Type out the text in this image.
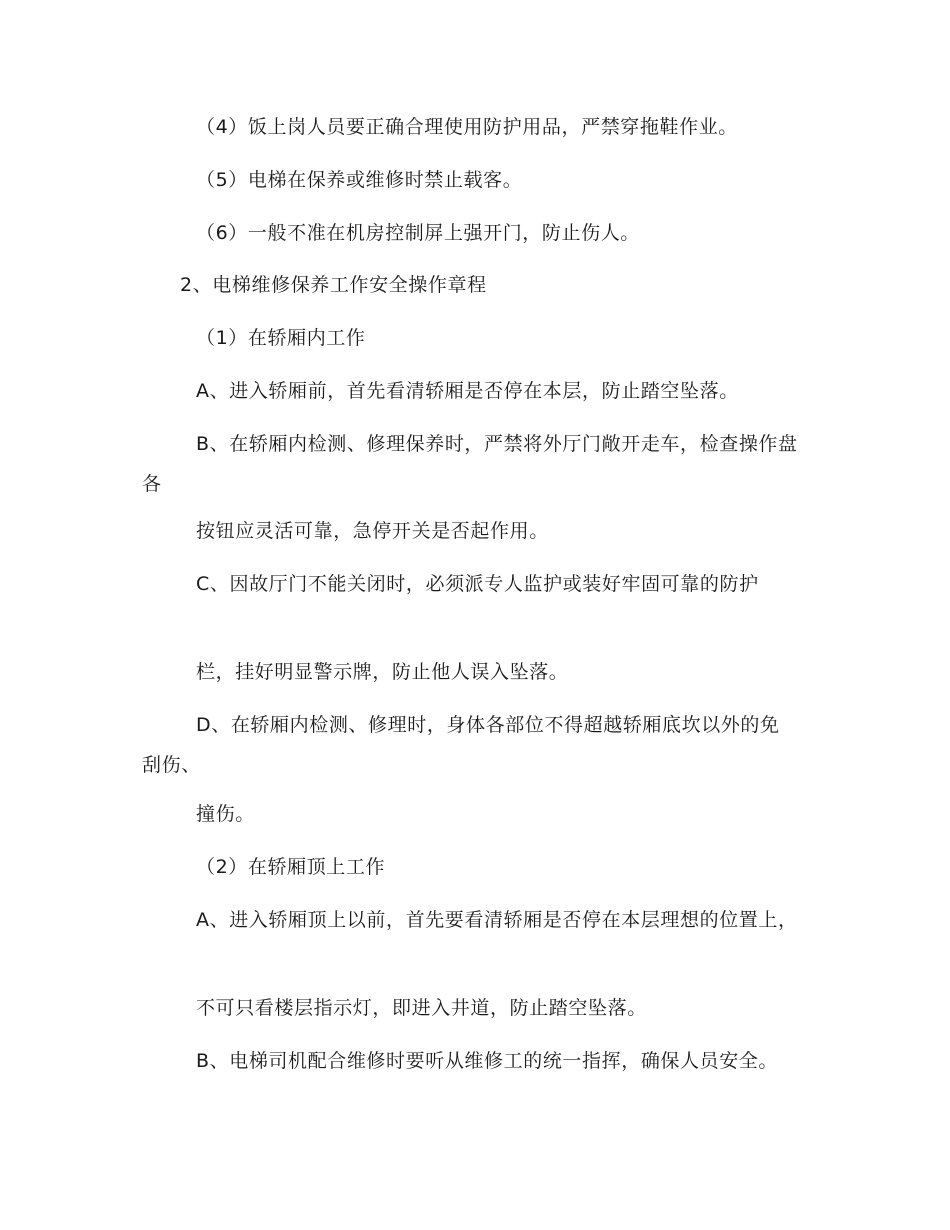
（4）饭上岗人员要正确合理使用防护用品，严禁穿拖鞋作业。
（5）电梯在保养或维修时禁止载客。
（6）一般不准在机房控制屏上强开门，防止伤人。
2、电梯维修保养工作安全操作章程
（1）在轿厢内工作
A、进入轿厢前，首先看清轿厢是否停在本层，防止踏空坠落。
B、在轿厢内检测、修理保养时，严禁将外厅门敞开走车，检查操作盘各
按钮应灵活可靠，急停开关是否起作用。
C、因故厅门不能关闭时，必须派专人监护或装好牢固可靠的防护
栏，挂好明显警示牌，防止他人误入坠落。
D、在轿厢内检测、修理时，身体各部位不得超越轿厢底坎以外的免刮伤、
撞伤。
（2）在轿厢顶上工作
A、进入轿厢顶上以前，首先要看清轿厢是否停在本层理想的位置上，
不可只看楼层指示灯，即进入井道，防止踏空坠落。
B、电梯司机配合维修时要听从维修工的统一指挥，确保人员安全。
